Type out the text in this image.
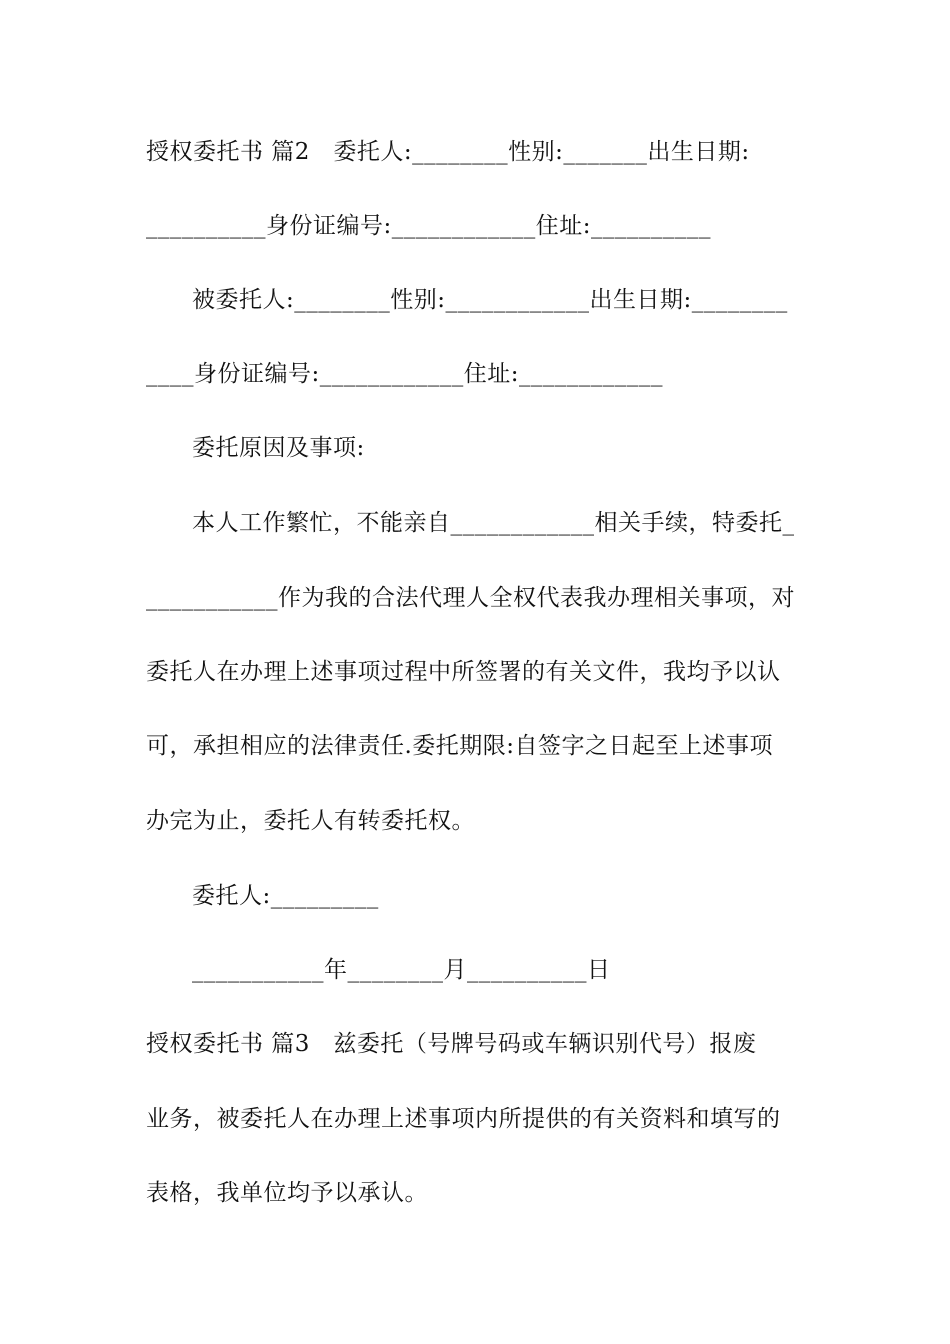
授权委托书 篇2   委托人:________性别:_______出生日期:
__________身份证编号:____________住址:__________
被委托人:________性别:____________出生日期:________
____身份证编号:____________住址:____________
委托原因及事项:
本人工作繁忙，不能亲自____________相关手续，特委托_
___________作为我的合法代理人全权代表我办理相关事项，对
委托人在办理上述事项过程中所签署的有关文件，我均予以认
可，承担相应的法律责任.委托期限:自签字之日起至上述事项
办完为止，委托人有转委托权。
委托人:_________
___________年________月__________日
授权委托书 篇3   兹委托（号牌号码或车辆识别代号）报废
业务，被委托人在办理上述事项内所提供的有关资料和填写的
表格，我单位均予以承认。
